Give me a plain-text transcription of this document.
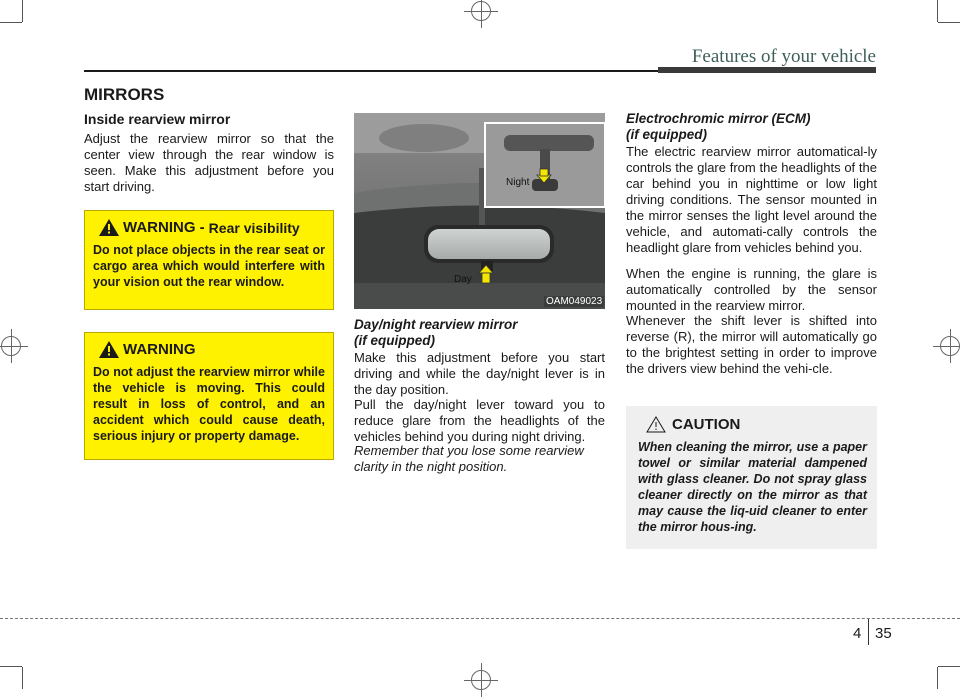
Features of your vehicle
MIRRORS
Inside rearview mirror
Adjust the rearview mirror so that the center view through the rear window is seen. Make this adjustment before you start driving.
WARNING - Rear visibility
Do not place objects in the rear seat or cargo area which would interfere with your vision out the rear window.
WARNING
Do not adjust the rearview mirror while the vehicle is moving. This could result in loss of control, and an accident which could cause death, serious injury or property damage.
Night
Day
OAM049023
Day/night rearview mirror
(if equipped)
Make this adjustment before you start driving and while the day/night lever is in the day position.
Pull the day/night lever toward you to reduce glare from the headlights of the vehicles behind you during night driving.
Remember that you lose some rearview clarity in the night position.
Electrochromic mirror (ECM)
(if equipped)
The electric rearview mirror automatical-ly controls the glare from the headlights of the car behind you in nighttime or low light driving conditions. The sensor mounted in the mirror senses the light level around the vehicle, and automati-cally controls the headlight glare from vehicles behind you.
When the engine is running, the glare is automatically controlled by the sensor mounted in the rearview mirror.
Whenever the shift lever is shifted into reverse (R), the mirror will automatically go to the brightest setting in order to improve the drivers view behind the vehi-cle.
CAUTION
When cleaning the mirror, use a paper towel or similar material dampened with glass cleaner. Do not spray glass cleaner directly on the mirror as that may cause the liq-uid cleaner to enter the mirror hous-ing.
4 35
